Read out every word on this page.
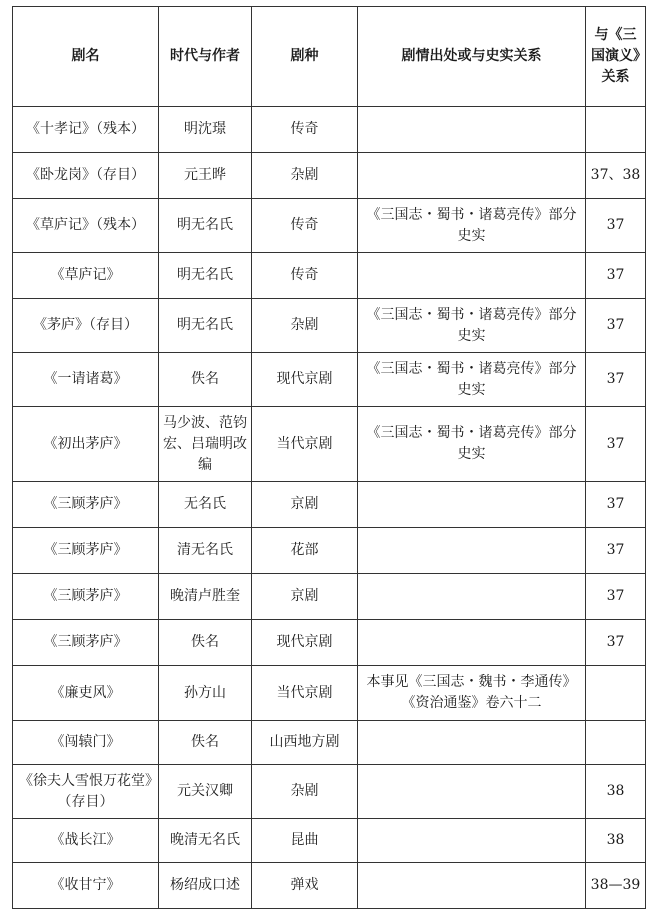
剧名	时代与作者	剧种	剧情出处或与史实关系	与《三国演义》关系
《十孝记》（残本）	明沈璟	传奇		
《卧龙岗》（存目）	元王晔	杂剧		37、38
《草庐记》（残本）	明无名氏	传奇	《三国志・蜀书・诸葛亮传》部分史实	37
《草庐记》	明无名氏	传奇		37
《茅庐》（存目）	明无名氏	杂剧	《三国志・蜀书・诸葛亮传》部分史实	37
《一请诸葛》	佚名	现代京剧	《三国志・蜀书・诸葛亮传》部分史实	37
《初出茅庐》	马少波、范钧宏、吕瑞明改编	当代京剧	《三国志・蜀书・诸葛亮传》部分史实	37
《三顾茅庐》	无名氏	京剧		37
《三顾茅庐》	清无名氏	花部		37
《三顾茅庐》	晚清卢胜奎	京剧		37
《三顾茅庐》	佚名	现代京剧		37
《廉吏风》	孙方山	当代京剧	本事见《三国志・魏书・李通传》《资治通鉴》卷六十二	
《闯辕门》	佚名	山西地方剧		
《徐夫人雪恨万花堂》（存目）	元关汉卿	杂剧		38
《战长江》	晚清无名氏	昆曲		38
《收甘宁》	杨绍成口述	弹戏		38—39
